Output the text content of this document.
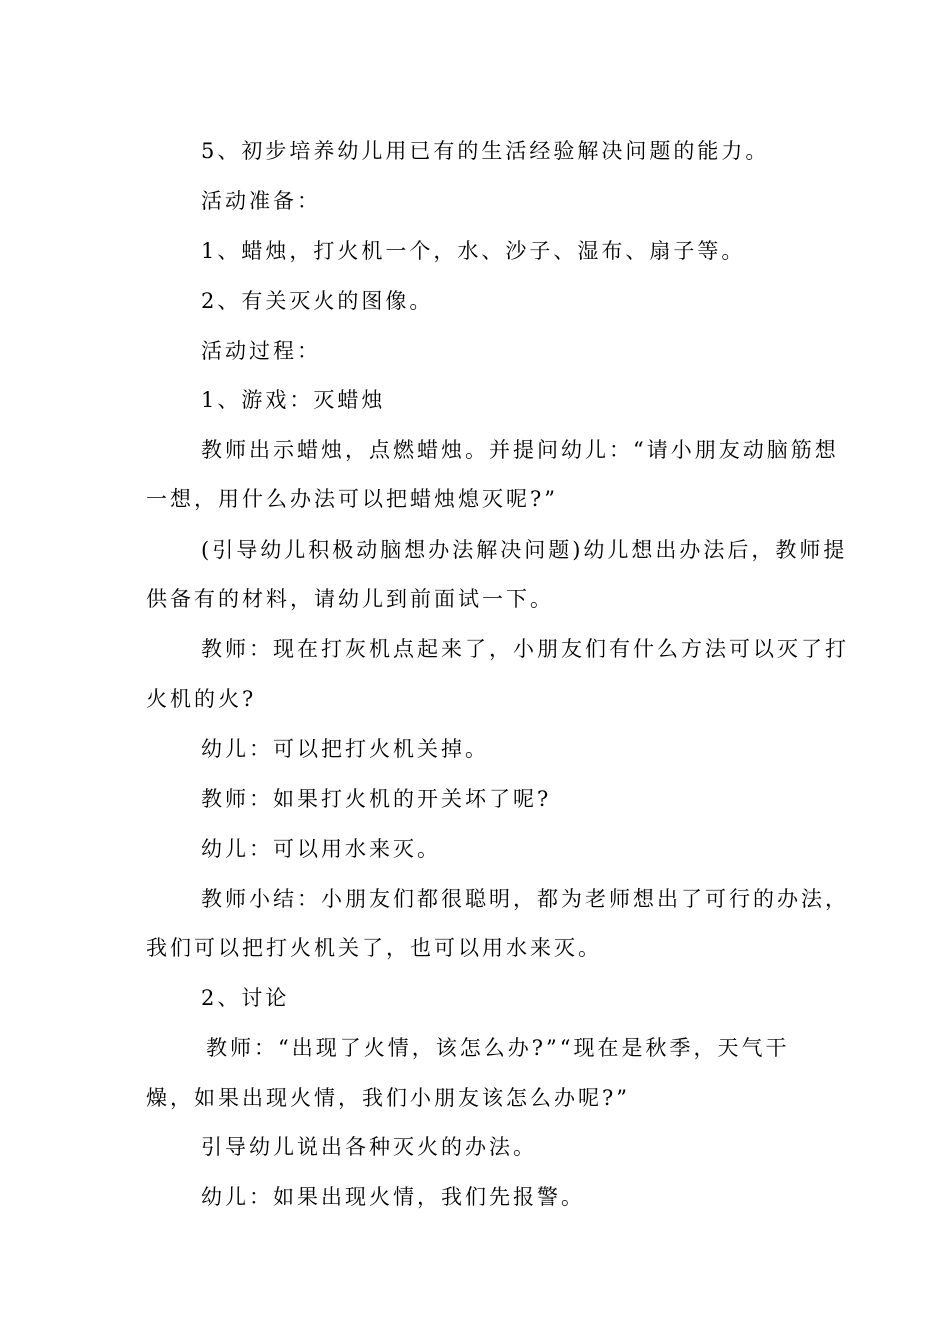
5、初步培养幼儿用已有的生活经验解决问题的能力。
活动准备：
1、蜡烛，打火机一个，水、沙子、湿布、扇子等。
2、有关灭火的图像。
活动过程：
1、游戏：灭蜡烛
教师出示蜡烛，点燃蜡烛。并提问幼儿：“请小朋友动脑筋想
一想，用什么办法可以把蜡烛熄灭呢?”
(引导幼儿积极动脑想办法解决问题)幼儿想出办法后，教师提
供备有的材料，请幼儿到前面试一下。
教师：现在打灰机点起来了，小朋友们有什么方法可以灭了打
火机的火?
幼儿：可以把打火机关掉。
教师：如果打火机的开关坏了呢?
幼儿：可以用水来灭。
教师小结：小朋友们都很聪明，都为老师想出了可行的办法，
我们可以把打火机关了，也可以用水来灭。
2、讨论
教师：“出现了火情，该怎么办?”“现在是秋季，天气干
燥，如果出现火情，我们小朋友该怎么办呢?”
引导幼儿说出各种灭火的办法。
幼儿：如果出现火情，我们先报警。
